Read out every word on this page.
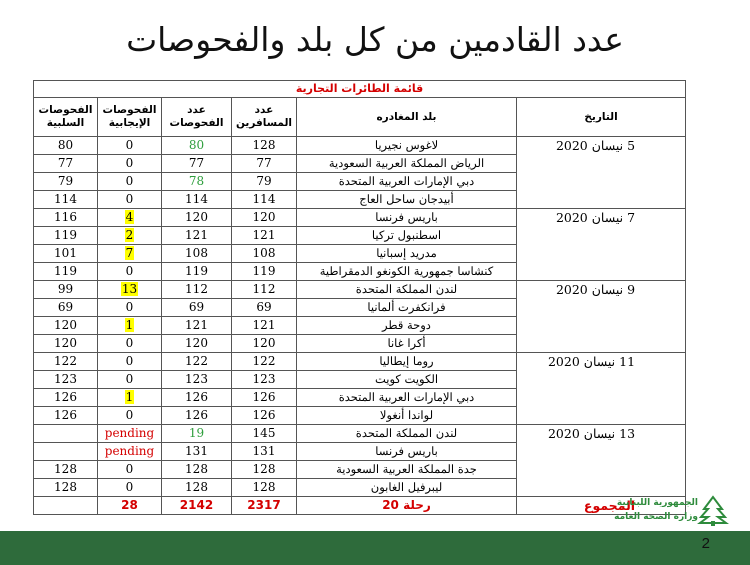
عدد القادمين من كل بلد والفحوصات
قائمة الطائرات التجارية					
الفحوصات السلبية	الفحوصات الإيجابية	عدد الفحوصات	عدد المسافرين	بلد المغادره	التاريخ
80	0	80	128	لاغوس نجيريا	5 نيسان 2020
77	0	77	77	الرياض المملكة العربية السعودية	
79	0	78	79	دبي الإمارات العربية المتحدة	
114	0	114	114	أبيدجان ساحل العاج	
116	4	120	120	باريس فرنسا	7 نيسان 2020
119	2	121	121	اسطنبول تركيا	
101	7	108	108	مدريد إسبانيا	
119	0	119	119	كنشاسا جمهورية الكونغو الدمقراطية	
99	13	112	112	لندن المملكة المتحدة	9 نيسان 2020
69	0	69	69	فرانكفرت ألمانيا	
120	1	121	121	دوحة قطر	
120	0	120	120	أكرا غانا	
122	0	122	122	روما إيطاليا	11 نيسان 2020
123	0	123	123	الكويت كويت	
126	1	126	126	دبي الإمارات العربية المتحدة	
126	0	126	126	لواندا أنغولا	
	pending	19	145	لندن المملكة المتحدة	13 نيسان 2020
	pending	131	131	باريس فرنسا	
128	0	128	128	جدة المملكة العربية السعودية	
128	0	128	128	ليبرفيل الغابون	
	28	2142	2317	20 رحلة	المجموع
الجمهورية اللبنانية
وزارة الصحة العامة
2
